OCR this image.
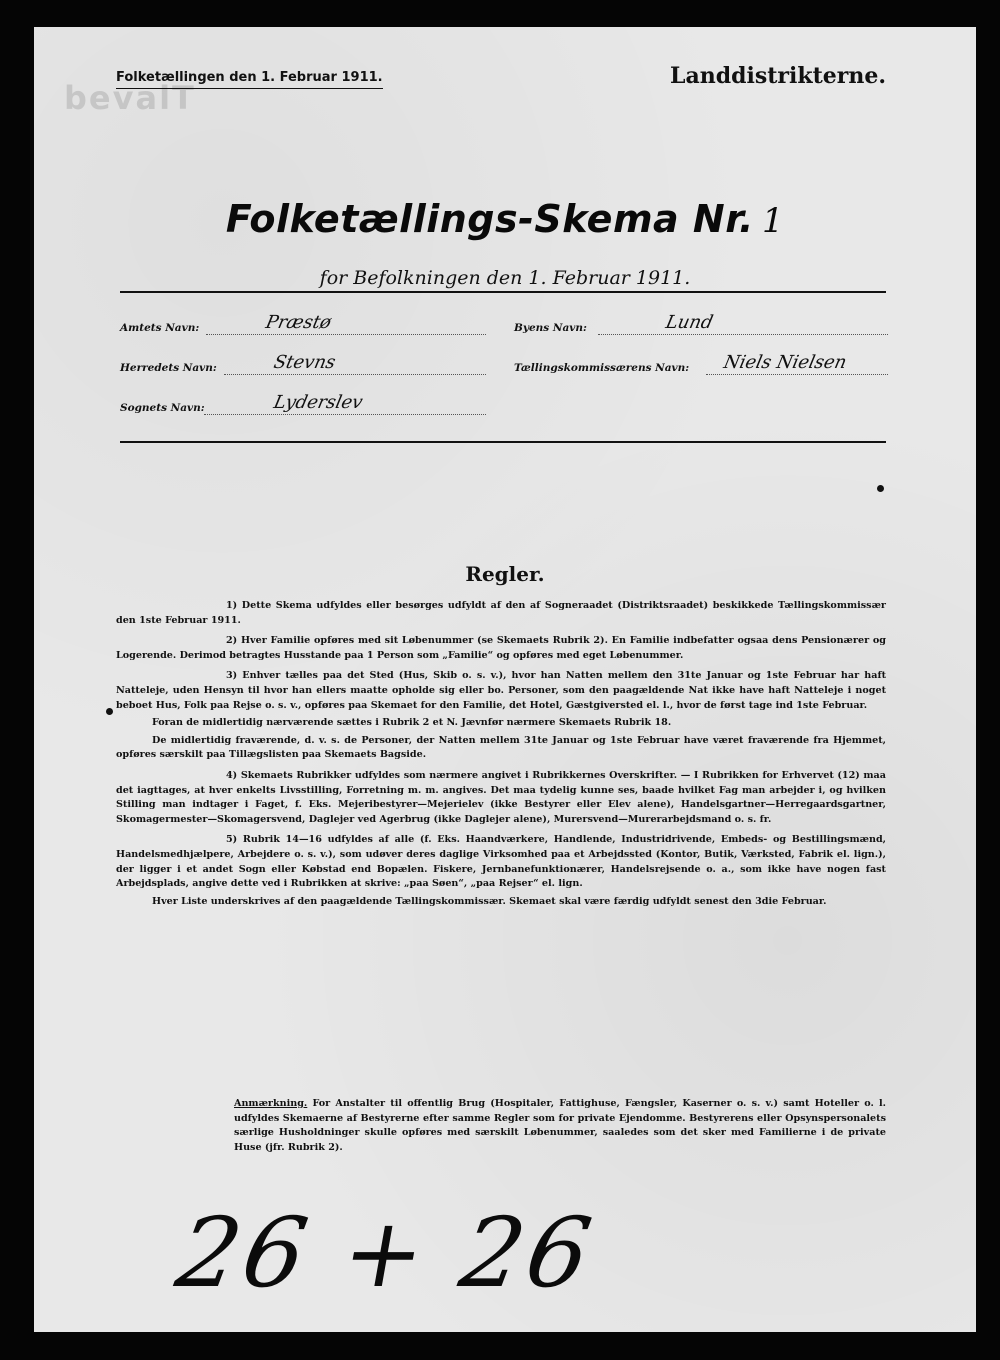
bevalT
Folketællingen den 1. Februar 1911.	Landdistrikterne.
Folketællings-Skema Nr. 1
for Befolkningen den 1. Februar 1911.
Amtets Navn:	Præstø
Herredets Navn:	Stevns
Sognets Navn:	Lyderslev
Byens Navn:	Lund
Tællingskommissærens Navn: Niels Nielsen
Regler.

1) Dette Skema udfyldes eller besørges udfyldt af den af Sogneraadet (Distriktsraadet) beskikkede Tællingskommissær den 1ste Februar 1911.

2) Hver Familie opføres med sit Løbenummer (se Skemaets Rubrik 2). En Familie indbefatter ogsaa dens Pensionærer og Logerende. Derimod betragtes Husstande paa 1 Person som „Familie“ og opføres med eget Løbenummer.

3) Enhver tælles paa det Sted (Hus, Skib o. s. v.), hvor han Natten mellem den 31te Januar og 1ste Februar har haft Natteleje, uden Hensyn til hvor han ellers maatte opholde sig eller bo. Personer, som den paagældende Nat ikke have haft Natteleje i noget beboet Hus, Folk paa Rejse o. s. v., opføres paa Skemaet for den Familie, det Hotel, Gæstgiversted el. l., hvor de først tage ind 1ste Februar.

Foran de midlertidig nærværende sættes i Rubrik 2 et N. Jævnfør nærmere Skemaets Rubrik 18.

De midlertidig fraværende, d. v. s. de Personer, der Natten mellem 31te Januar og 1ste Februar have været fraværende fra Hjemmet, opføres særskilt paa Tillægslisten paa Skemaets Bagside.

4) Skemaets Rubrikker udfyldes som nærmere angivet i Rubrikkernes Overskrifter. — I Rubrikken for Erhvervet (12) maa det iagttages, at hver enkelts Livsstilling, Forretning m. m. angives. Det maa tydelig kunne ses, baade hvilket Fag man arbejder i, og hvilken Stilling man indtager i Faget, f. Eks. Mejeribestyrer—Mejerielev (ikke Bestyrer eller Elev alene), Handelsgartner—Herregaardsgartner, Skomagermester—Skomagersvend, Daglejer ved Agerbrug (ikke Daglejer alene), Murersvend—Murerarbejdsmand o. s. fr.

5) Rubrik 14—16 udfyldes af alle (f. Eks. Haandværkere, Handlende, Industridrivende, Embeds- og Bestillingsmænd, Handelsmedhjælpere, Arbejdere o. s. v.), som udøver deres daglige Virksomhed paa et Arbejdssted (Kontor, Butik, Værksted, Fabrik el. lign.), der ligger i et andet Sogn eller Købstad end Bopælen. Fiskere, Jernbanefunktionærer, Handelsrejsende o. a., som ikke have nogen fast Arbejdsplads, angive dette ved i Rubrikken at skrive: „paa Søen“, „paa Rejser“ el. lign.

Hver Liste underskrives af den paagældende Tællingskommissær. Skemaet skal være færdig udfyldt senest den 3die Februar.

Anmærkning. For Anstalter til offentlig Brug (Hospitaler, Fattighuse, Fængsler, Kaserner o. s. v.) samt Hoteller o. l. udfyldes Skemaerne af Bestyrerne efter samme Regler som for private Ejendomme. Bestyrerens eller Opsynspersonalets særlige Husholdninger skulle opføres med særskilt Løbenummer, saaledes som det sker med Familierne i de private Huse (jfr. Rubrik 2).
26 + 26
